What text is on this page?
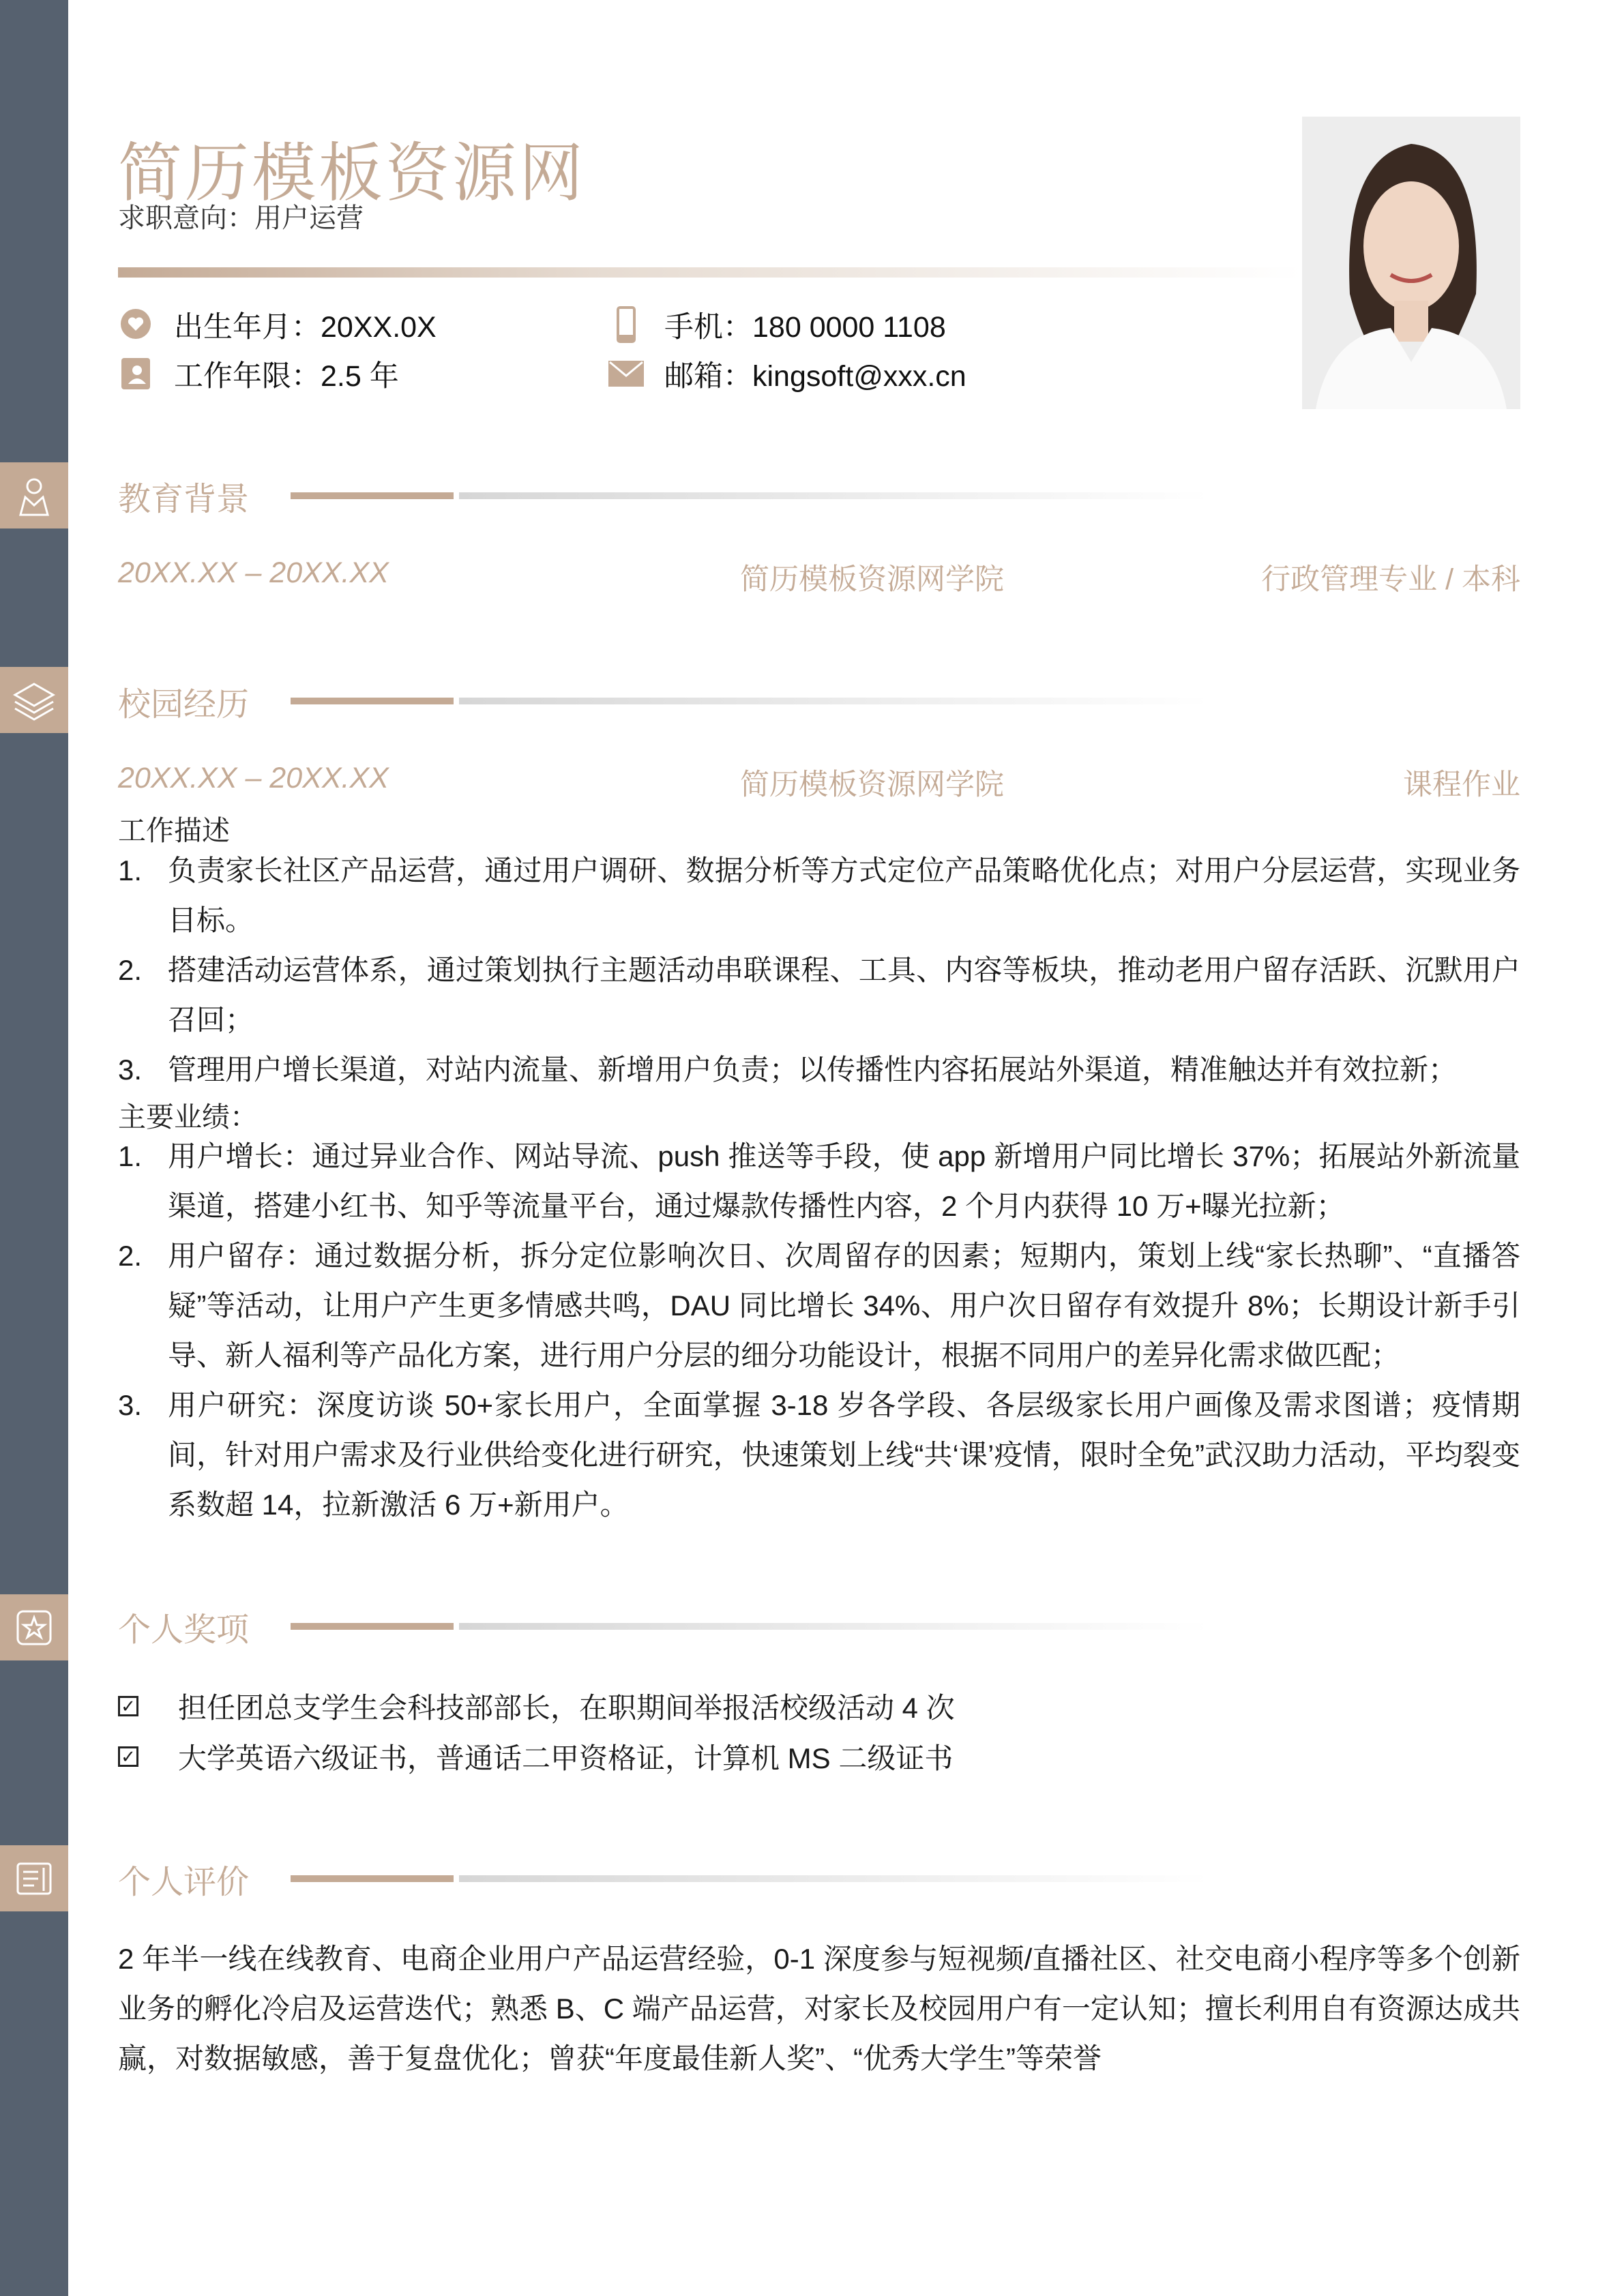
简历模板资源网
求职意向：用户运营
出生年月：20XX.0X
工作年限：2.5 年
手机：180 0000 1108
邮箱：kingsoft@xxx.cn
教育背景
20XX.XX – 20XX.XX	简历模板资源网学院	行政管理专业 / 本科
校园经历
20XX.XX – 20XX.XX	简历模板资源网学院	课程作业
工作描述
1. 负责家长社区产品运营，通过用户调研、数据分析等方式定位产品策略优化点；对用户分层运营，实现业务目标。
2. 搭建活动运营体系，通过策划执行主题活动串联课程、工具、内容等板块，推动老用户留存活跃、沉默用户召回；
3. 管理用户增长渠道，对站内流量、新增用户负责；以传播性内容拓展站外渠道，精准触达并有效拉新；
主要业绩：
1. 用户增长：通过异业合作、网站导流、push 推送等手段，使 app 新增用户同比增长 37%；拓展站外新流量渠道，搭建小红书、知乎等流量平台，通过爆款传播性内容，2 个月内获得 10 万+曝光拉新；
2. 用户留存：通过数据分析，拆分定位影响次日、次周留存的因素；短期内，策划上线“家长热聊”、“直播答疑”等活动，让用户产生更多情感共鸣，DAU 同比增长 34%、用户次日留存有效提升 8%；长期设计新手引导、新人福利等产品化方案，进行用户分层的细分功能设计，根据不同用户的差异化需求做匹配；
3. 用户研究：深度访谈 50+家长用户，全面掌握 3-18 岁各学段、各层级家长用户画像及需求图谱；疫情期间，针对用户需求及行业供给变化进行研究，快速策划上线“共‘课’疫情，限时全免”武汉助力活动，平均裂变系数超 14，拉新激活 6 万+新用户。
个人奖项
✓ 担任团总支学生会科技部部长，在职期间举报活校级活动 4 次
✓ 大学英语六级证书，普通话二甲资格证，计算机 MS 二级证书
个人评价
2 年半一线在线教育、电商企业用户产品运营经验，0-1 深度参与短视频/直播社区、社交电商小程序等多个创新业务的孵化冷启及运营迭代；熟悉 B、C 端产品运营，对家长及校园用户有一定认知；擅长利用自有资源达成共赢，对数据敏感，善于复盘优化；曾获“年度最佳新人奖”、“优秀大学生”等荣誉
